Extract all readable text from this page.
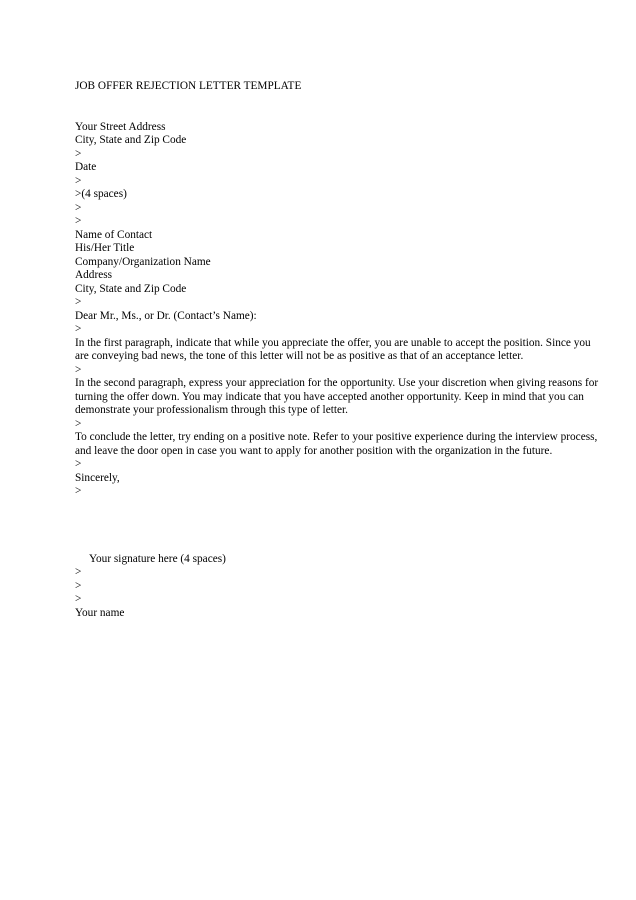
JOB OFFER REJECTION LETTER TEMPLATE
Your Street Address
City, State and Zip Code
>
Date
>
>(4 spaces)
>
>
Name of Contact
His/Her Title
Company/Organization Name
Address
City, State and Zip Code
>
Dear Mr., Ms., or Dr. (Contact’s Name):
>
In the first paragraph, indicate that while you appreciate the offer, you are unable to accept the position. Since you are conveying bad news, the tone of this letter will not be as positive as that of an acceptance letter.
>
In the second paragraph, express your appreciation for the opportunity. Use your discretion when giving reasons for turning the offer down. You may indicate that you have accepted another opportunity. Keep in mind that you can demonstrate your professionalism through this type of letter.
>
To conclude the letter, try ending on a positive note. Refer to your positive experience during the interview process, and leave the door open in case you want to apply for another position with the organization in the future.
>
Sincerely,
>
Your signature here (4 spaces)
>
>
>
Your name
